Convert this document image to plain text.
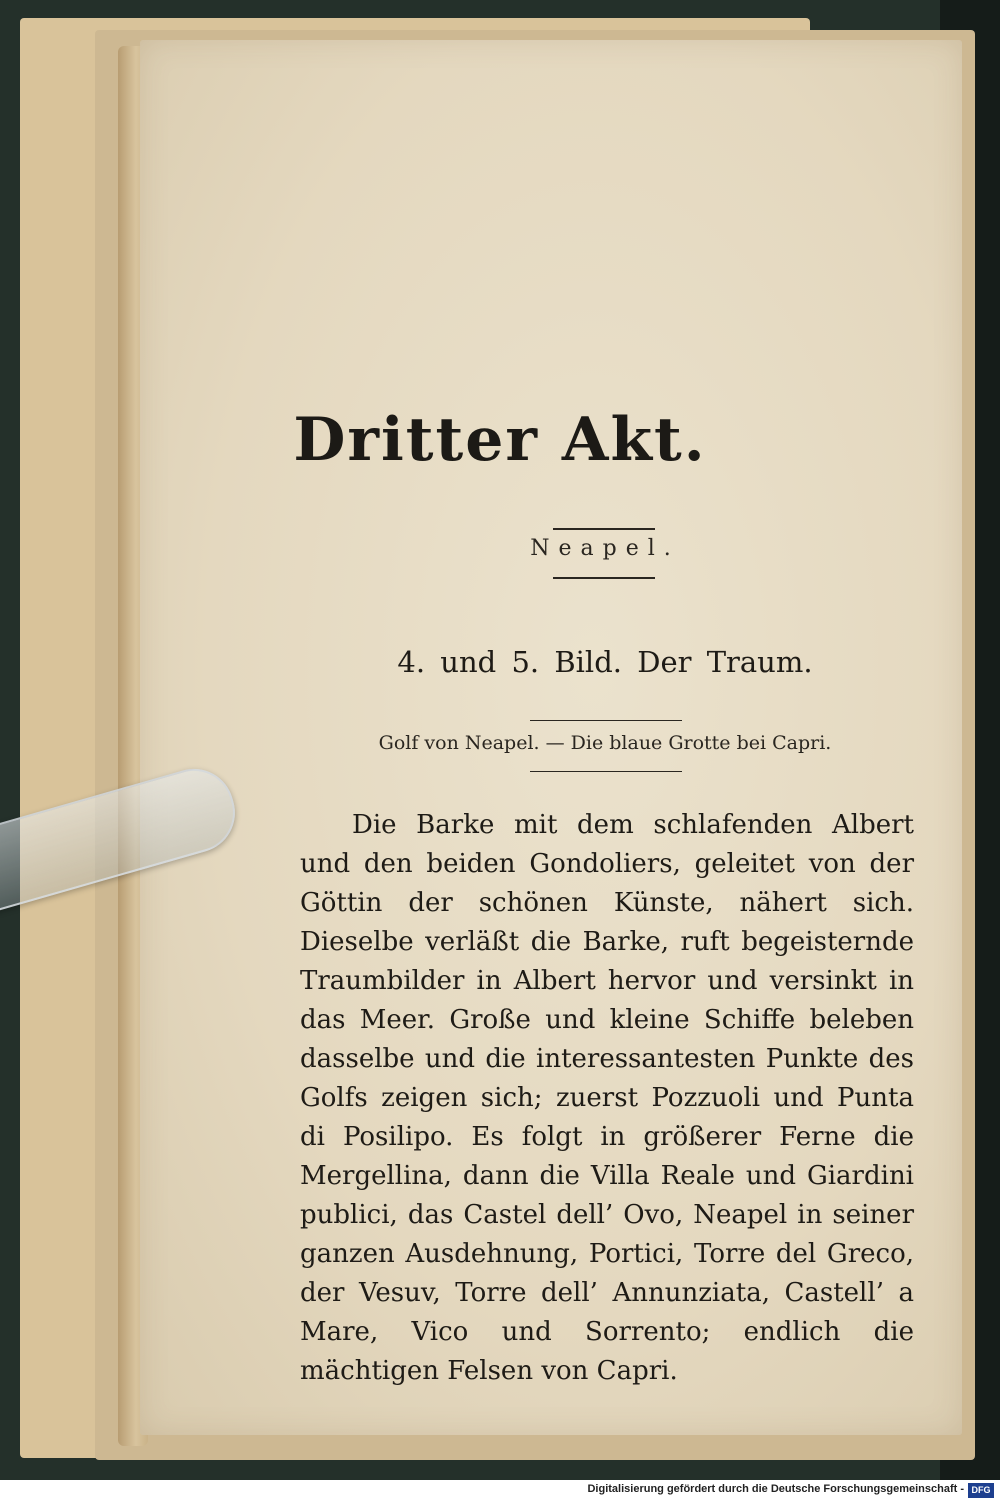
Dritter Akt.
Neapel.
4. und 5. Bild. Der Traum.
Golf von Neapel. — Die blaue Grotte bei Capri.

Die Barke mit dem schlafenden Albert und den beiden Gondoliers, geleitet von der Göttin der schönen Künste, nähert sich. Dieselbe verläßt die Barke, ruft begeisternde Traumbilder in Albert hervor und versinkt in das Meer. Große und kleine Schiffe beleben dasselbe und die interessantesten Punkte des Golfs zeigen sich; zuerst Pozzuoli und Punta di Posilipo. Es folgt in größerer Ferne die Mergellina, dann die Villa Reale und Giardini publici, das Castel dell’ Ovo, Neapel in seiner ganzen Ausdehnung, Portici, Torre del Greco, der Vesuv, Torre dell’ Annunziata, Castell’ a Mare, Vico und Sorrento; endlich die mächtigen Felsen von Capri.

Digitalisierung gefördert durch die Deutsche Forschungsgemeinschaft - DFG
